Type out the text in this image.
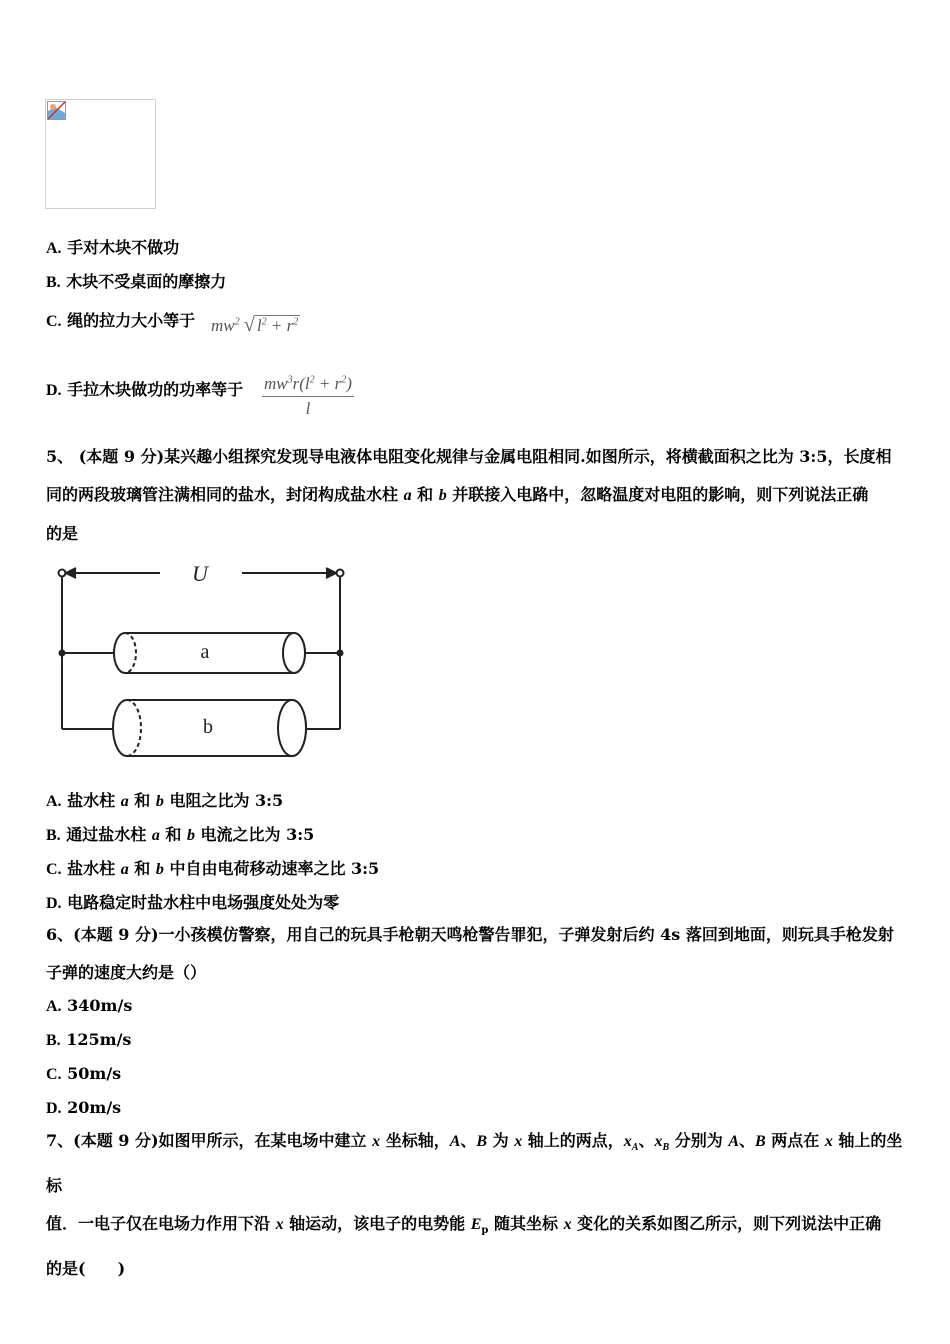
A. 手对木块不做功
B. 木块不受桌面的摩擦力
C. 绳的拉力大小等于 $mw^2$ √ $l^2 + r^2$
D. 手拉木块做功的功率等于 $\frac{mw^3r(l^2 + r^2)}{l}$
5、 (本题 9 分)某兴趣小组探究发现导电液体电阻变化规律与金属电阻相同.如图所示，将横截面积之比为 3:5，长度相
同的两段玻璃管注满相同的盐水，封闭构成盐水柱 a 和 b 并联接入电路中，忽略温度对电阻的影响，则下列说法正确
的是
U
a
b
A. 盐水柱 a 和 b 电阻之比为 3:5
B. 通过盐水柱 a 和 b 电流之比为 3:5
C. 盐水柱 a 和 b 中自由电荷移动速率之比 3:5
D. 电路稳定时盐水柱中电场强度处处为零
6、(本题 9 分)一小孩模仿警察，用自己的玩具手枪朝天鸣枪警告罪犯，子弹发射后约 4s 落回到地面，则玩具手枪发射
子弹的速度大约是（）
A. 340m/s
B. 125m/s
C. 50m/s
D. 20m/s
7、(本题 9 分)如图甲所示，在某电场中建立 x 坐标轴，A、B 为 x 轴上的两点，$x_A$、$x_B$ 分别为 A、B 两点在 x 轴上的坐标
值．一电子仅在电场力作用下沿 x 轴运动，该电子的电势能 $E_p$ 随其坐标 x 变化的关系如图乙所示，则下列说法中正确
的是(　　)
